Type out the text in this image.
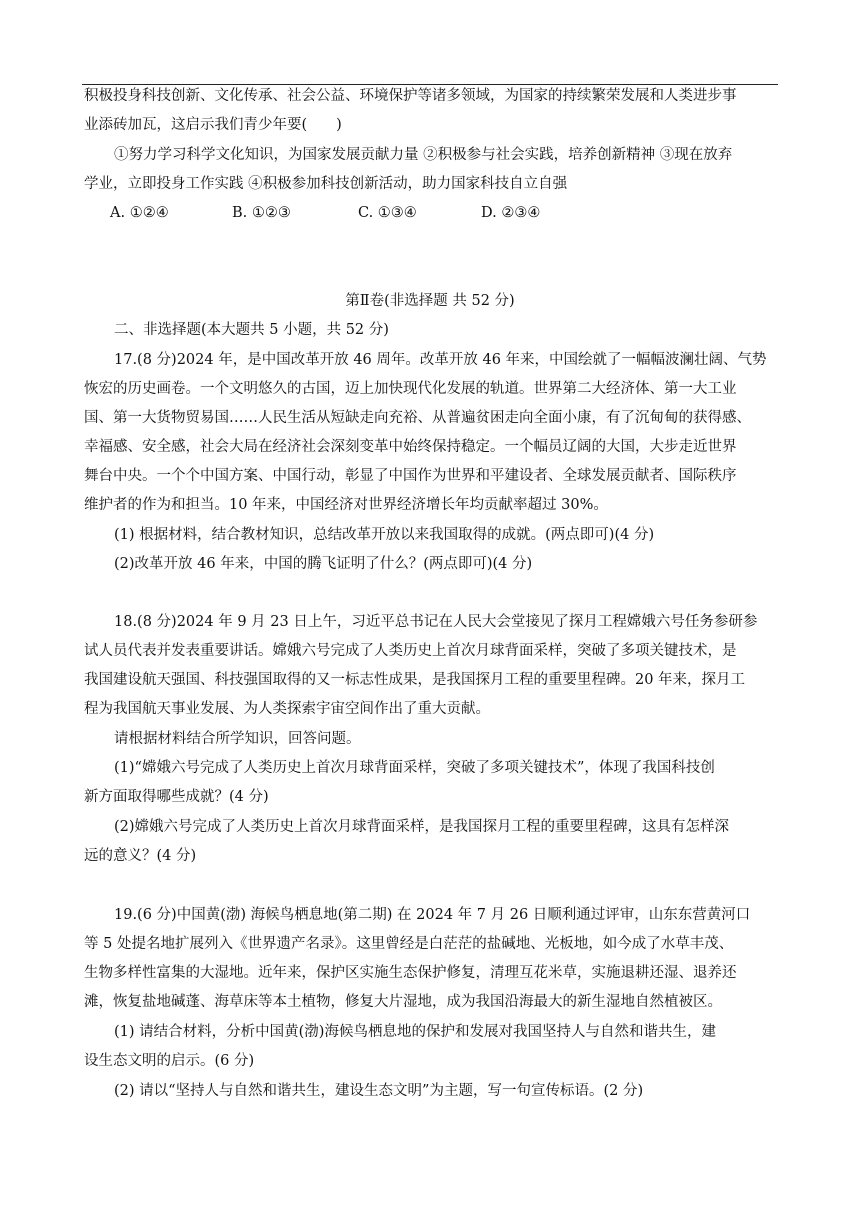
积极投身科技创新、文化传承、社会公益、环境保护等诸多领域，为国家的持续繁荣发展和人类进步事
业添砖加瓦，这启示我们青少年要(　　)
①努力学习科学文化知识，为国家发展贡献力量 ②积极参与社会实践，培养创新精神 ③现在放弃
学业，立即投身工作实践 ④积极参加科技创新活动，助力国家科技自立自强
A. ①②④	B. ①②③	C. ①③④	D. ②③④
第Ⅱ卷(非选择题 共 52 分)
二、非选择题(本大题共 5 小题，共 52 分)
17.(8 分)2024 年，是中国改革开放 46 周年。改革开放 46 年来，中国绘就了一幅幅波澜壮阔、气势
恢宏的历史画卷。一个文明悠久的古国，迈上加快现代化发展的轨道。世界第二大经济体、第一大工业
国、第一大货物贸易国……人民生活从短缺走向充裕、从普遍贫困走向全面小康，有了沉甸甸的获得感、
幸福感、安全感，社会大局在经济社会深刻变革中始终保持稳定。一个幅员辽阔的大国，大步走近世界
舞台中央。一个个中国方案、中国行动，彰显了中国作为世界和平建设者、全球发展贡献者、国际秩序
维护者的作为和担当。10 年来，中国经济对世界经济增长年均贡献率超过 30%。
(1) 根据材料，结合教材知识，总结改革开放以来我国取得的成就。(两点即可)(4 分)
(2)改革开放 46 年来，中国的腾飞证明了什么？(两点即可)(4 分)
18.(8 分)2024 年 9 月 23 日上午，习近平总书记在人民大会堂接见了探月工程嫦娥六号任务参研参
试人员代表并发表重要讲话。嫦娥六号完成了人类历史上首次月球背面采样，突破了多项关键技术，是
我国建设航天强国、科技强国取得的又一标志性成果，是我国探月工程的重要里程碑。20 年来，探月工
程为我国航天事业发展、为人类探索宇宙空间作出了重大贡献。
请根据材料结合所学知识，回答问题。
(1)“嫦娥六号完成了人类历史上首次月球背面采样，突破了多项关键技术”，体现了我国科技创
新方面取得哪些成就？(4 分)
(2)嫦娥六号完成了人类历史上首次月球背面采样，是我国探月工程的重要里程碑，这具有怎样深
远的意义？(4 分)
19.(6 分)中国黄(渤) 海候鸟栖息地(第二期) 在 2024 年 7 月 26 日顺利通过评审，山东东营黄河口
等 5 处提名地扩展列入《世界遗产名录》。这里曾经是白茫茫的盐碱地、光板地，如今成了水草丰茂、
生物多样性富集的大湿地。近年来，保护区实施生态保护修复，清理互花米草，实施退耕还湿、退养还
滩，恢复盐地碱蓬、海草床等本土植物，修复大片湿地，成为我国沿海最大的新生湿地自然植被区。
(1) 请结合材料，分析中国黄(渤)海候鸟栖息地的保护和发展对我国坚持人与自然和谐共生，建
设生态文明的启示。(6 分)
(2) 请以“坚持人与自然和谐共生，建设生态文明”为主题，写一句宣传标语。(2 分)
